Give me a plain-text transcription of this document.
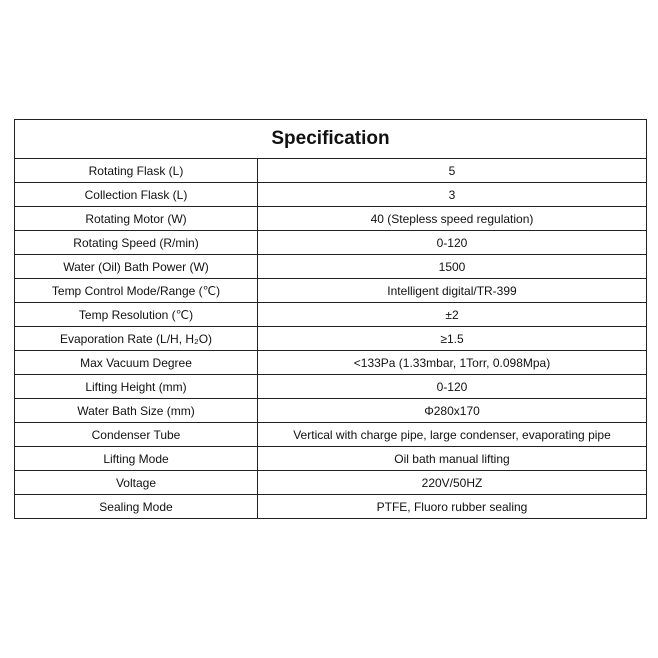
Specification	
Rotating Flask (L)	5
Collection Flask (L)	3
Rotating Motor (W)	40 (Stepless speed regulation)
Rotating Speed (R/min)	0-120
Water (Oil) Bath Power (W)	1500
Temp Control Mode/Range (℃)	Intelligent digital/TR-399
Temp Resolution (℃)	±2
Evaporation Rate (L/H, H₂O)	≥1.5
Max Vacuum Degree	<133Pa (1.33mbar, 1Torr, 0.098Mpa)
Lifting Height (mm)	0-120
Water Bath Size (mm)	Φ280x170
Condenser Tube	Vertical with charge pipe, large condenser, evaporating pipe
Lifting Mode	Oil bath manual lifting
Voltage	220V/50HZ
Sealing Mode	PTFE, Fluoro rubber sealing
